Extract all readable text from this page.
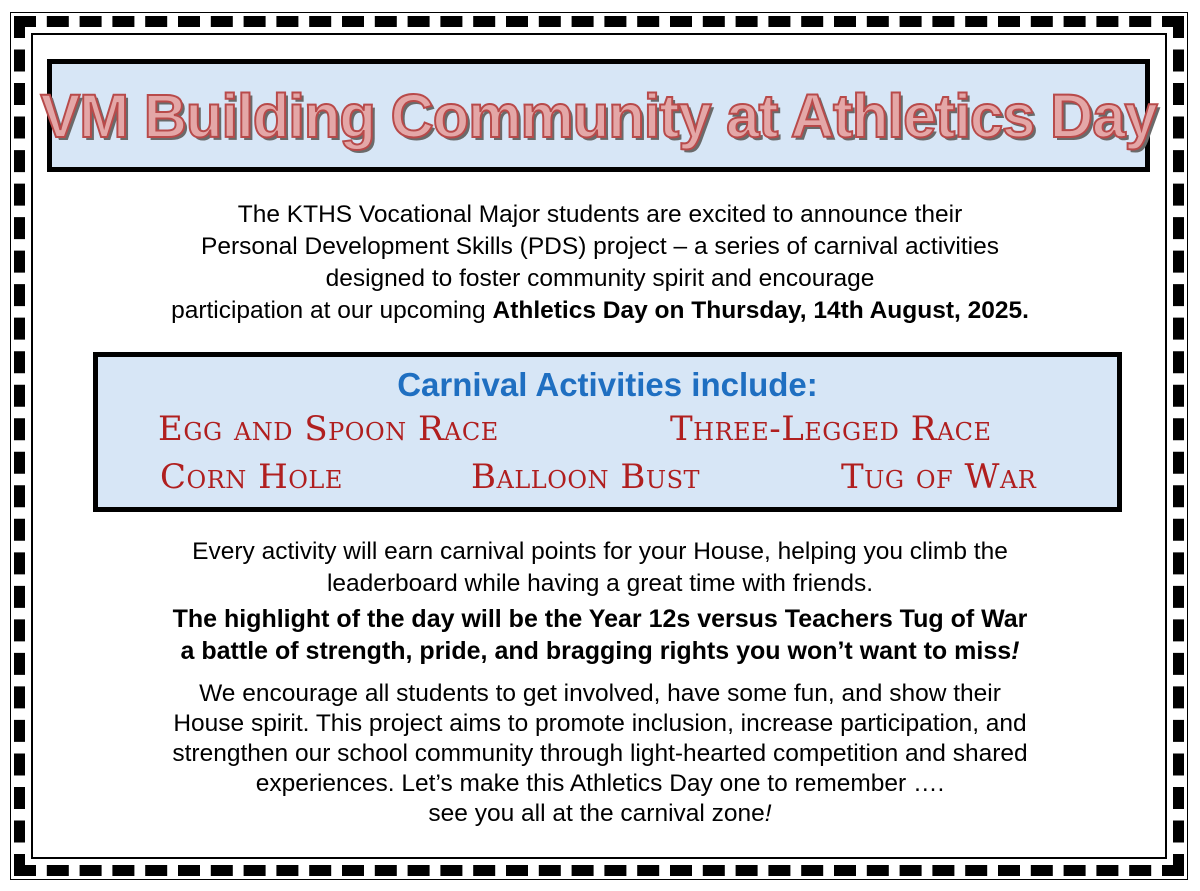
VM Building Community at Athletics Day

The KTHS Vocational Major students are excited to announce their
Personal Development Skills (PDS) project – a series of carnival activities
designed to foster community spirit and encourage
participation at our upcoming Athletics Day on Thursday, 14th August, 2025.

Carnival Activities include:
Egg and Spoon Race	Three-Legged Race
Corn Hole	Balloon Bust	Tug of War

Every activity will earn carnival points for your House, helping you climb the
leaderboard while having a great time with friends.

The highlight of the day will be the Year 12s versus Teachers Tug of War
a battle of strength, pride, and bragging rights you won’t want to miss!

We encourage all students to get involved, have some fun, and show their
House spirit. This project aims to promote inclusion, increase participation, and
strengthen our school community through light-hearted competition and shared
experiences. Let’s make this Athletics Day one to remember ….
see you all at the carnival zone!
